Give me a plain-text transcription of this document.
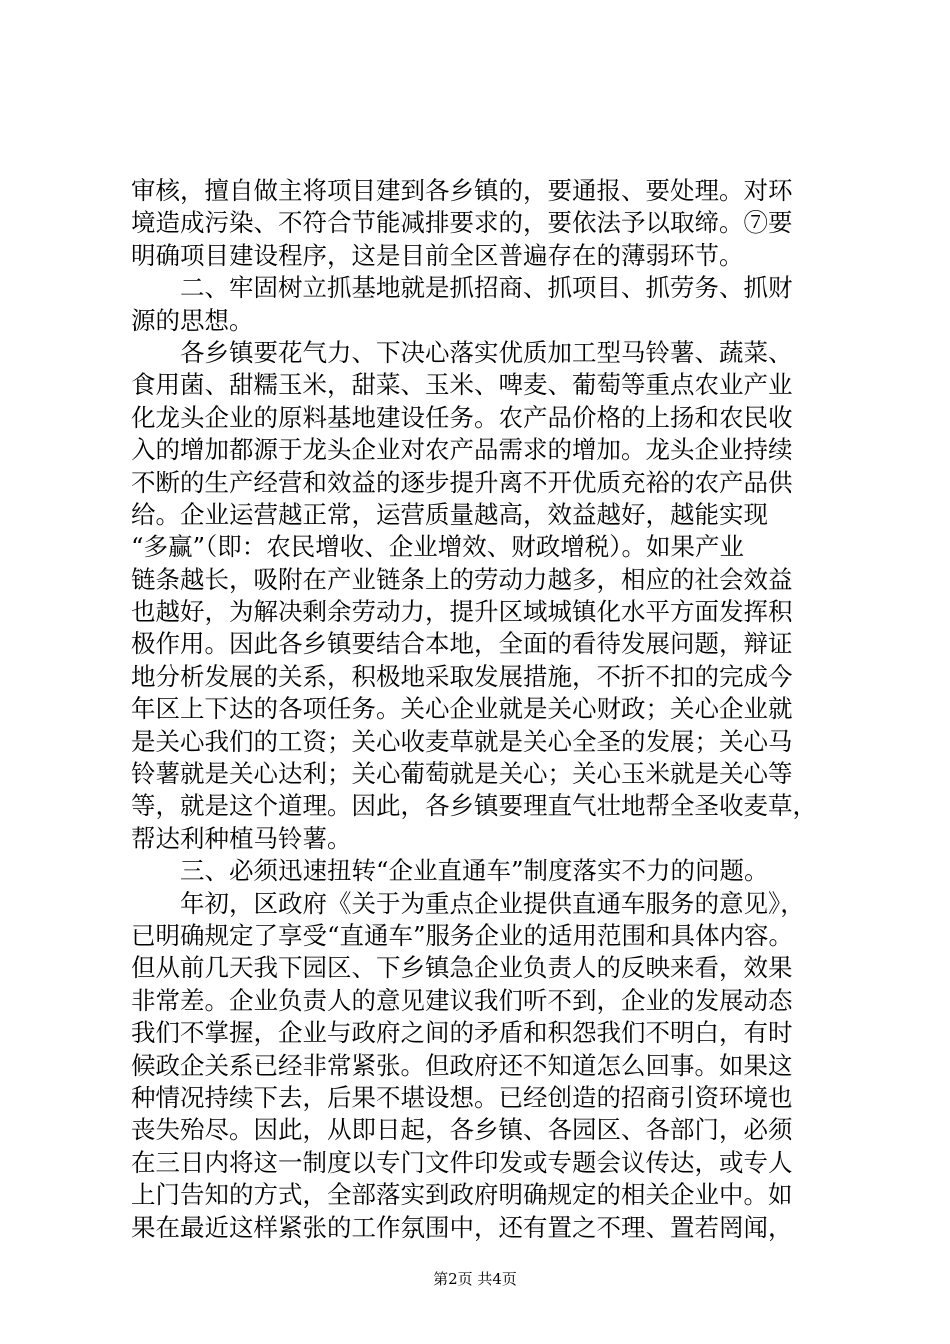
审核，擅自做主将项目建到各乡镇的，要通报、要处理。对环
境造成污染、不符合节能减排要求的，要依法予以取缔。⑦要
明确项目建设程序，这是目前全区普遍存在的薄弱环节。
　　二、牢固树立抓基地就是抓招商、抓项目、抓劳务、抓财
源的思想。
　　各乡镇要花气力、下决心落实优质加工型马铃薯、蔬菜、
食用菌、甜糯玉米，甜菜、玉米、啤麦、葡萄等重点农业产业
化龙头企业的原料基地建设任务。农产品价格的上扬和农民收
入的增加都源于龙头企业对农产品需求的增加。龙头企业持续
不断的生产经营和效益的逐步提升离不开优质充裕的农产品供
给。企业运营越正常，运营质量越高，效益越好，越能实现
“多赢”（即：农民增收、企业增效、财政增税）。如果产业
链条越长，吸附在产业链条上的劳动力越多，相应的社会效益
也越好，为解决剩余劳动力，提升区域城镇化水平方面发挥积
极作用。因此各乡镇要结合本地，全面的看待发展问题，辩证
地分析发展的关系，积极地采取发展措施，不折不扣的完成今
年区上下达的各项任务。关心企业就是关心财政；关心企业就
是关心我们的工资；关心收麦草就是关心全圣的发展；关心马
铃薯就是关心达利；关心葡萄就是关心；关心玉米就是关心等
等，就是这个道理。因此，各乡镇要理直气壮地帮全圣收麦草，
帮达利种植马铃薯。
　　三、必须迅速扭转“企业直通车”制度落实不力的问题。
　　年初，区政府《关于为重点企业提供直通车服务的意见》，
已明确规定了享受“直通车”服务企业的适用范围和具体内容。
但从前几天我下园区、下乡镇急企业负责人的反映来看，效果
非常差。企业负责人的意见建议我们听不到，企业的发展动态
我们不掌握，企业与政府之间的矛盾和积怨我们不明白，有时
候政企关系已经非常紧张。但政府还不知道怎么回事。如果这
种情况持续下去，后果不堪设想。已经创造的招商引资环境也
丧失殆尽。因此，从即日起，各乡镇、各园区、各部门，必须
在三日内将这一制度以专门文件印发或专题会议传达，或专人
上门告知的方式，全部落实到政府明确规定的相关企业中。如
果在最近这样紧张的工作氛围中，还有置之不理、置若罔闻，
第2页 共4页
